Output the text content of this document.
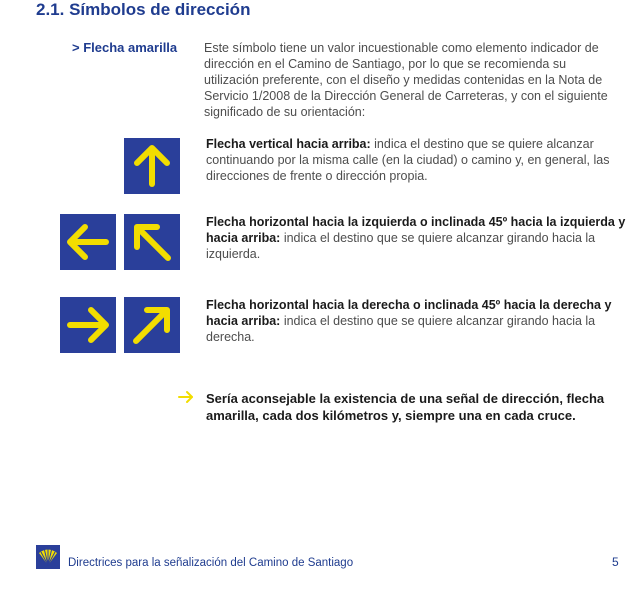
2.1. Símbolos de dirección
> Flecha amarilla Este símbolo tiene un valor incuestionable como elemento indicador de dirección en el Camino de Santiago, por lo que se recomienda su utilización preferente, con el diseño y medidas contenidas en la Nota de Servicio 1/2008 de la Dirección General de Carreteras, y con el siguiente significado de su orientación:
Flecha vertical hacia arriba: indica el destino que se quiere alcanzar continuando por la misma calle (en la ciudad) o camino y, en general, las direcciones de frente o dirección propia.
Flecha horizontal hacia la izquierda o inclinada 45º hacia la izquierda y hacia arriba: indica el destino que se quiere alcanzar girando hacia la izquierda.
Flecha horizontal hacia la derecha o inclinada 45º hacia la derecha y hacia arriba: indica el destino que se quiere alcanzar girando hacia la derecha.
Sería aconsejable la existencia de una señal de dirección, flecha amarilla, cada dos kilómetros y, siempre una en cada cruce.
Directrices para la señalización del Camino de Santiago	5
